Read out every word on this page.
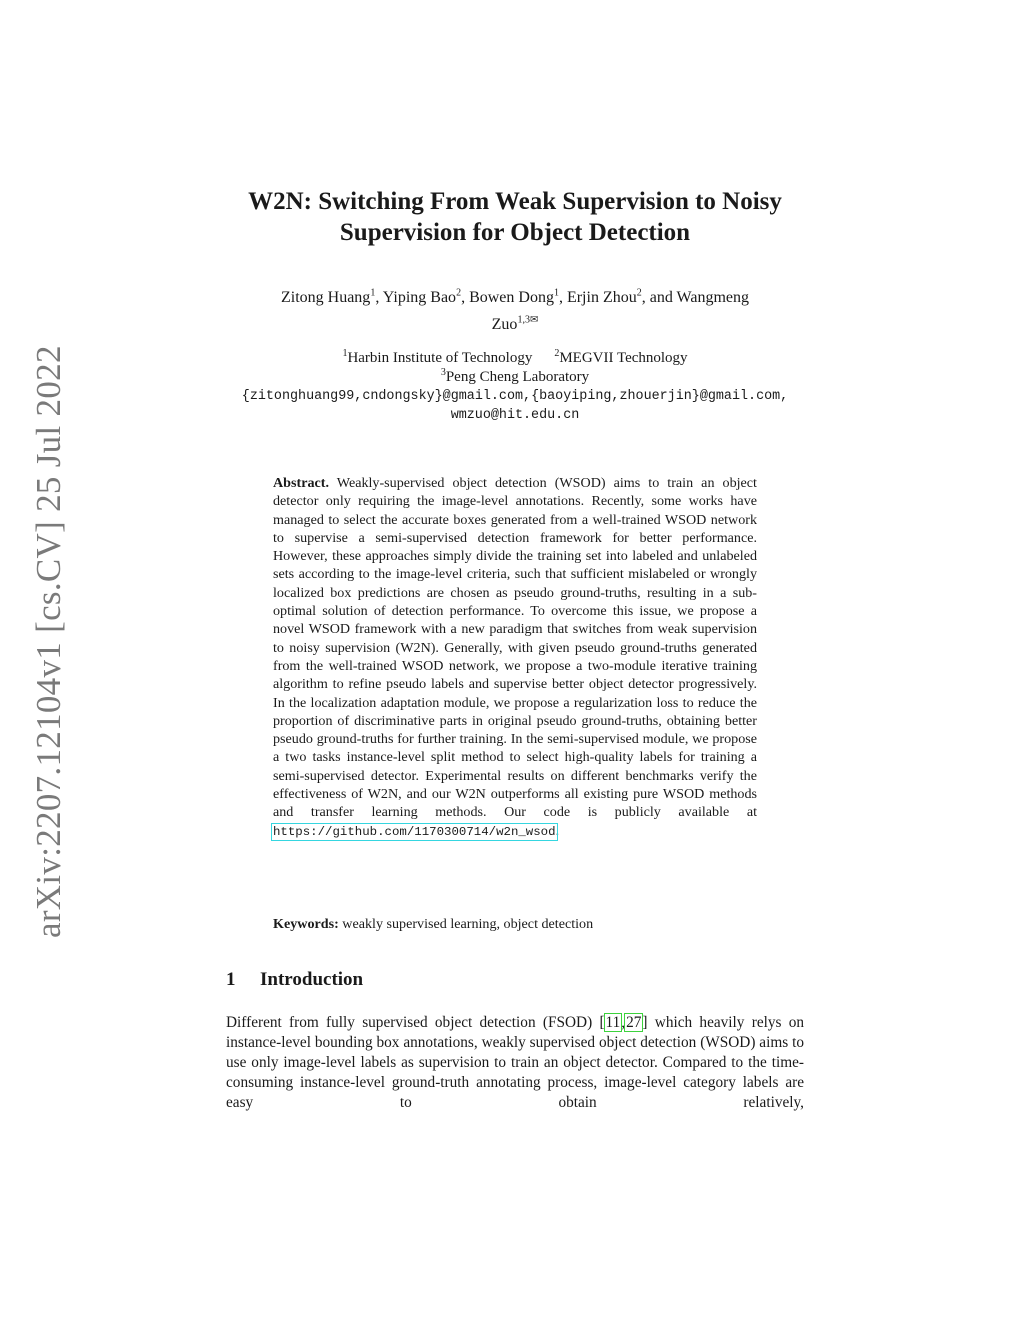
arXiv:2207.12104v1 [cs.CV] 25 Jul 2022
W2N: Switching From Weak Supervision to Noisy Supervision for Object Detection
Zitong Huang$^1$, Yiping Bao$^2$, Bowen Dong$^1$, Erjin Zhou$^2$, and Wangmeng
Zuo$^{1,3✉}$
$^1$Harbin Institute of Technology $^2$MEGVII Technology
$^3$Peng Cheng Laboratory
{zitonghuang99,cndongsky}@gmail.com,{baoyiping,zhouerjin}@gmail.com,
wmzuo@hit.edu.cn
Abstract. Weakly-supervised object detection (WSOD) aims to train an object detector only requiring the image-level annotations. Recently, some works have managed to select the accurate boxes generated from a well-trained WSOD network to supervise a semi-supervised detection framework for better performance. However, these approaches simply divide the training set into labeled and unlabeled sets according to the image-level criteria, such that sufficient mislabeled or wrongly localized box predictions are chosen as pseudo ground-truths, resulting in a sub-optimal solution of detection performance. To overcome this issue, we propose a novel WSOD framework with a new paradigm that switches from weak supervision to noisy supervision (W2N). Generally, with given pseudo ground-truths generated from the well-trained WSOD network, we propose a two-module iterative training algorithm to refine pseudo labels and supervise better object detector progressively. In the localization adaptation module, we propose a regularization loss to reduce the proportion of discriminative parts in original pseudo ground-truths, obtaining better pseudo ground-truths for further training. In the semi-supervised module, we propose a two tasks instance-level split method to select high-quality labels for training a semi-supervised detector. Experimental results on different benchmarks verify the effectiveness of W2N, and our W2N outperforms all existing pure WSOD methods and transfer learning methods. Our code is publicly available at https://github.com/1170300714/w2n_wsod.
Keywords: weakly supervised learning, object detection
1 Introduction
Different from fully supervised object detection (FSOD) [11,27] which heavily relys on instance-level bounding box annotations, weakly supervised object detection (WSOD) aims to use only image-level labels as supervision to train an object detector. Compared to the time-consuming instance-level ground-truth annotating process, image-level category labels are easy to obtain relatively,
